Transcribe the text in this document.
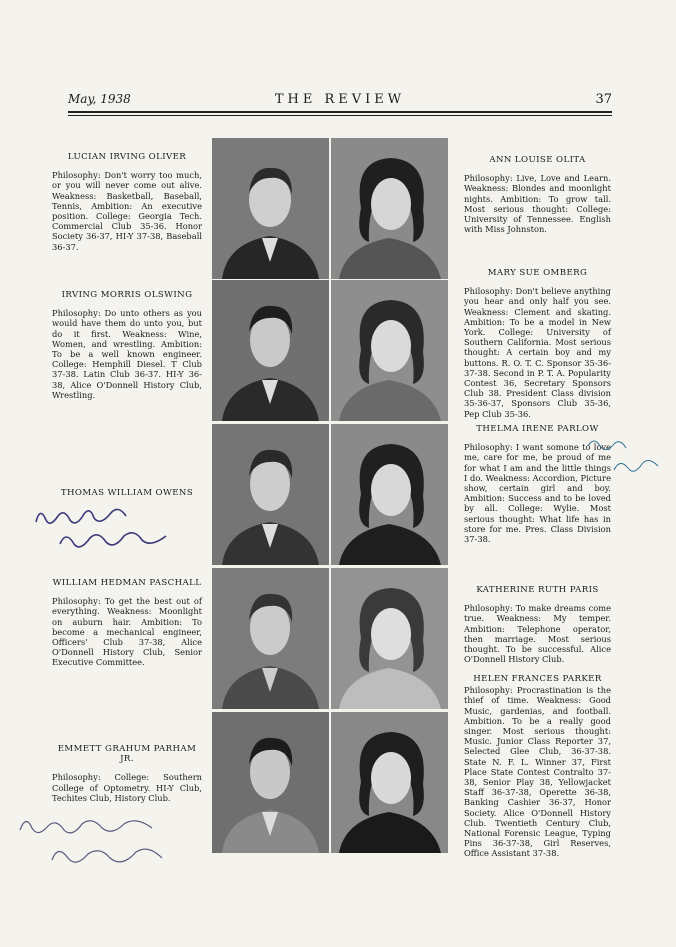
May, 1938	THE REVIEW	37
LUCIAN IRVING OLIVER

Philosophy: Don't worry too much, or you will never come out alive. Weakness: Basketball, Baseball, Tennis, Ambition: An executive position. College: Georgia Tech. Commercial Club 35-36. Honor Society 36-37, HI-Y 37-38, Baseball 36-37.

IRVING MORRIS OLSWING

Philosophy: Do unto others as you would have them do unto you, but do it first. Weakness: Wine, Women, and wrestling. Ambition: To be a well known engineer. College: Hemphill Diesel. T Club 37-38. Latin Club 36-37. HI-Y 36-38, Alice O'Donnell History Club, Wrestling.

THOMAS WILLIAM OWENS
WILLIAM HEDMAN PASCHALL

Philosophy: To get the best out of everything. Weakness: Moonlight on auburn hair. Ambition: To become a mechanical engineer, Officers' Club 37-38, Alice O'Donnell History Club, Senior Executive Committee.

EMMETT GRAHUM PARHAM JR.

Philosophy: College: Southern College of Optometry. HI-Y Club, Techites Club, History Club.

ANN LOUISE OLITA

Philosophy: Live, Love and Learn. Weakness: Blondes and moonlight nights. Ambition: To grow tall. Most serious thought: College: University of Tennessee. English with Miss Johnston.

MARY SUE OMBERG

Philosophy: Don't believe anything you hear and only half you see. Weakness: Clement and skating. Ambition: To be a model in New York. College: University of Southern California. Most serious thought: A certain boy and my buttons. R. O. T. C. Sponsor 35-36-37-38. Second in P. T. A. Popularity Contest 36, Secretary Sponsors Club 38. President Class division 35-36-37, Sponsors Club 35-36, Pep Club 35-36.

THELMA IRENE PARLOW

Philosophy: I want somone to love me, care for me, be proud of me for what I am and the little things I do. Weakness: Accordion, Picture show, certain girl and boy. Ambition: Success and to be loved by all. College: Wylie. Most serious thought: What life has in store for me. Pres. Class Division 37-38.

KATHERINE RUTH PARIS

Philosophy: To make dreams come true. Weakness: My temper. Ambition: Telephone operator, then marriage. Most serious thought. To be successful. Alice O'Donnell History Club.

HELEN FRANCES PARKER

Philosophy: Procrastination is the thief of time. Weakness: Good Music, gardenias, and football. Ambition. To be a really good singer. Most serious thought: Music. Junior Class Reporter 37, Selected Glee Club, 36-37-38. State N. F. L. Winner 37, First Place State Contest Contralto 37-38, Senior Play 38, Yellowjacket Staff 36-37-38, Operette 36-38, Banking Cashier 36-37, Honor Society. Alice O'Donnell History Club. Twentieth Century Club, National Forensic League, Typing Pins 36-37-38, Girl Reserves, Office Assistant 37-38.
